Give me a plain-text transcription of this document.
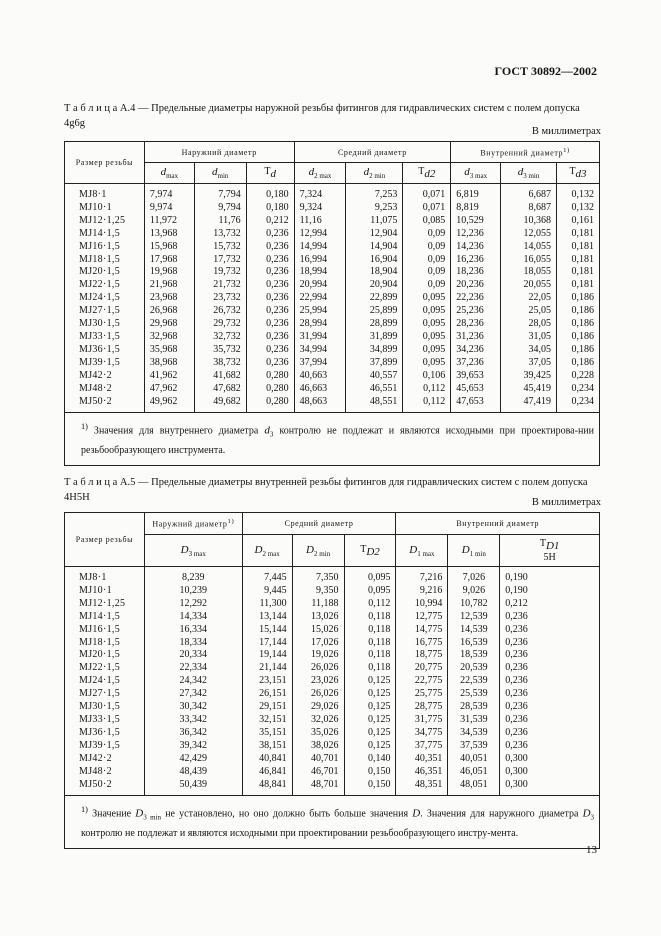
ГОСТ 30892—2002
Т а б л и ц а А.4 — Предельные диаметры наружной резьбы фитингов для гидравлических систем с полем допуска 4g6g
В миллиметрах
Размер резьбы	Наружний диаметр			Средний диаметр			Внутренний диаметр$^{1)}$
	$d_{max}$	$d_{min}$	$T_d$	$d_{2 max}$	$d_{2 min}$	$T_{d2}$	$d_{3 max}$	$d_{3 min}$	$T_{d3}$
MJ8·1	7,974	7,794	0,180	7,324	7,253	0,071	6,819	6,687	0,132
MJ10·1	9,974	9,794	0,180	9,324	9,253	0,071	8,819	8,687	0,132
MJ12·1,25	11,972	11,76	0,212	11,16	11,075	0,085	10,529	10,368	0,161
MJ14·1,5	13,968	13,732	0,236	12,994	12,904	0,09	12,236	12,055	0,181
MJ16·1,5	15,968	15,732	0,236	14,994	14,904	0,09	14,236	14,055	0,181
MJ18·1,5	17,968	17,732	0,236	16,994	16,904	0,09	16,236	16,055	0,181
MJ20·1,5	19,968	19,732	0,236	18,994	18,904	0,09	18,236	18,055	0,181
MJ22·1,5	21,968	21,732	0,236	20,994	20,904	0,09	20,236	20,055	0,181
MJ24·1,5	23,968	23,732	0,236	22,994	22,899	0,095	22,236	22,05	0,186
MJ27·1,5	26,968	26,732	0,236	25,994	25,899	0,095	25,236	25,05	0,186
MJ30·1,5	29,968	29,732	0,236	28,994	28,899	0,095	28,236	28,05	0,186
MJ33·1,5	32,968	32,732	0,236	31,994	31,899	0,095	31,236	31,05	0,186
MJ36·1,5	35,968	35,732	0,236	34,994	34,899	0,095	34,236	34,05	0,186
MJ39·1,5	38,968	38,732	0,236	37,994	37,899	0,095	37,236	37,05	0,186
MJ42·2	41,962	41,682	0,280	40,663	40,557	0,106	39,653	39,425	0,228
MJ48·2	47,962	47,682	0,280	46,663	46,551	0,112	45,653	45,419	0,234
MJ50·2	49,962	49,682	0,280	48,663	48,551	0,112	47,653	47,419	0,234
$^{1)}$ Значения для внутреннего диаметра $d_3$ контролю не подлежат и являются исходными при проектирова-нии резьбообразующего инструмента.									
Т а б л и ц а А.5 — Предельные диаметры внутренней резьбы фитингов для гидравлических систем с полем допуска 4H5H	В миллиметрах
Размер резьбы	Наружний диаметр$^{1)}$	Средний диаметр			Внутренний диаметр		
	$D_{3 max}$	$D_{2 max}$	$D_{2 min}$	$T_{D2}$	$D_{1 max}$	$D_{1 min}$	$T_{D1}$
5H
MJ8·1	8,239	7,445	7,350	0,095	7,216	7,026	0,190
MJ10·1	10,239	9,445	9,350	0,095	9,216	9,026	0,190
MJ12·1,25	12,292	11,300	11,188	0,112	10,994	10,782	0,212
MJ14·1,5	14,334	13,144	13,026	0,118	12,775	12,539	0,236
MJ16·1,5	16,334	15,144	15,026	0,118	14,775	14,539	0,236
MJ18·1,5	18,334	17,144	17,026	0,118	16,775	16,539	0,236
MJ20·1,5	20,334	19,144	19,026	0,118	18,775	18,539	0,236
MJ22·1,5	22,334	21,144	26,026	0,118	20,775	20,539	0,236
MJ24·1,5	24,342	23,151	23,026	0,125	22,775	22,539	0,236
MJ27·1,5	27,342	26,151	26,026	0,125	25,775	25,539	0,236
MJ30·1,5	30,342	29,151	29,026	0,125	28,775	28,539	0,236
MJ33·1,5	33,342	32,151	32,026	0,125	31,775	31,539	0,236
MJ36·1,5	36,342	35,151	35,026	0,125	34,775	34,539	0,236
MJ39·1,5	39,342	38,151	38,026	0,125	37,775	37,539	0,236
MJ42·2	42,429	40,841	40,701	0,140	40,351	40,051	0,300
MJ48·2	48,439	46,841	46,701	0,150	46,351	46,051	0,300
MJ50·2	50,439	48,841	48,701	0,150	48,351	48,051	0,300
$^{1)}$ Значение $D_{3 min}$ не установлено, но оно должно быть больше значения D. Значения для наружного диаметра $D_3$ контролю не подлежат и являются исходными при проектировании резьбообразующего инстру-мента.							
13
